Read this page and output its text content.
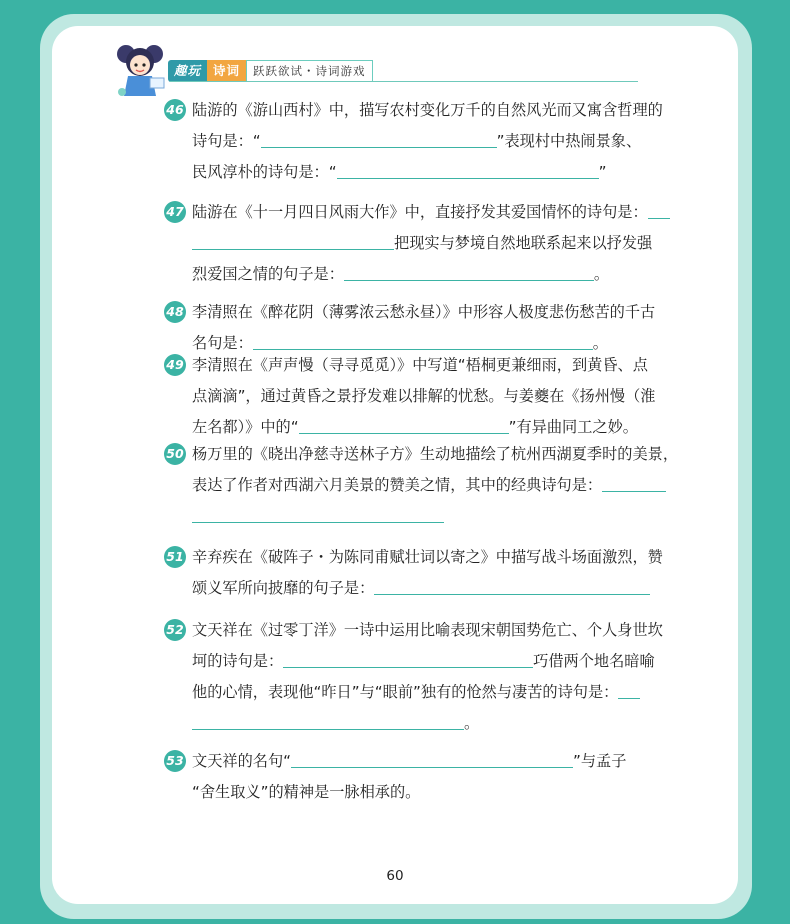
趣玩 诗词	跃跃欲试・诗词游戏
46 陆游的《游山西村》中，描写农村变化万千的自然风光而又寓含哲理的
诗句是：“	”表现村中热闹景象、
民风淳朴的诗句是：“	”
47 陆游在《十一月四日风雨大作》中，直接抒发其爱国情怀的诗句是：
把现实与梦境自然地联系起来以抒发强
烈爱国之情的句子是：	。
48 李清照在《醉花阴（薄雾浓云愁永昼）》中形容人极度悲伤愁苦的千古
名句是：	。
49 李清照在《声声慢（寻寻觅觅）》中写道“梧桐更兼细雨，到黄昏、点
点滴滴”，通过黄昏之景抒发难以排解的忧愁。与姜夔在《扬州慢（淮
左名都）》中的“	”有异曲同工之妙。
50 杨万里的《晓出净慈寺送林子方》生动地描绘了杭州西湖夏季时的美景，
表达了作者对西湖六月美景的赞美之情，其中的经典诗句是：
51 辛弃疾在《破阵子・为陈同甫赋壮词以寄之》中描写战斗场面激烈，赞
颂义军所向披靡的句子是：
52 文天祥在《过零丁洋》一诗中运用比喻表现宋朝国势危亡、个人身世坎
坷的诗句是：	巧借两个地名暗喻
他的心情，表现他“昨日”与“眼前”独有的怆然与凄苦的诗句是：
。
53 文天祥的名句“	”与孟子
“舍生取义”的精神是一脉相承的。
60
